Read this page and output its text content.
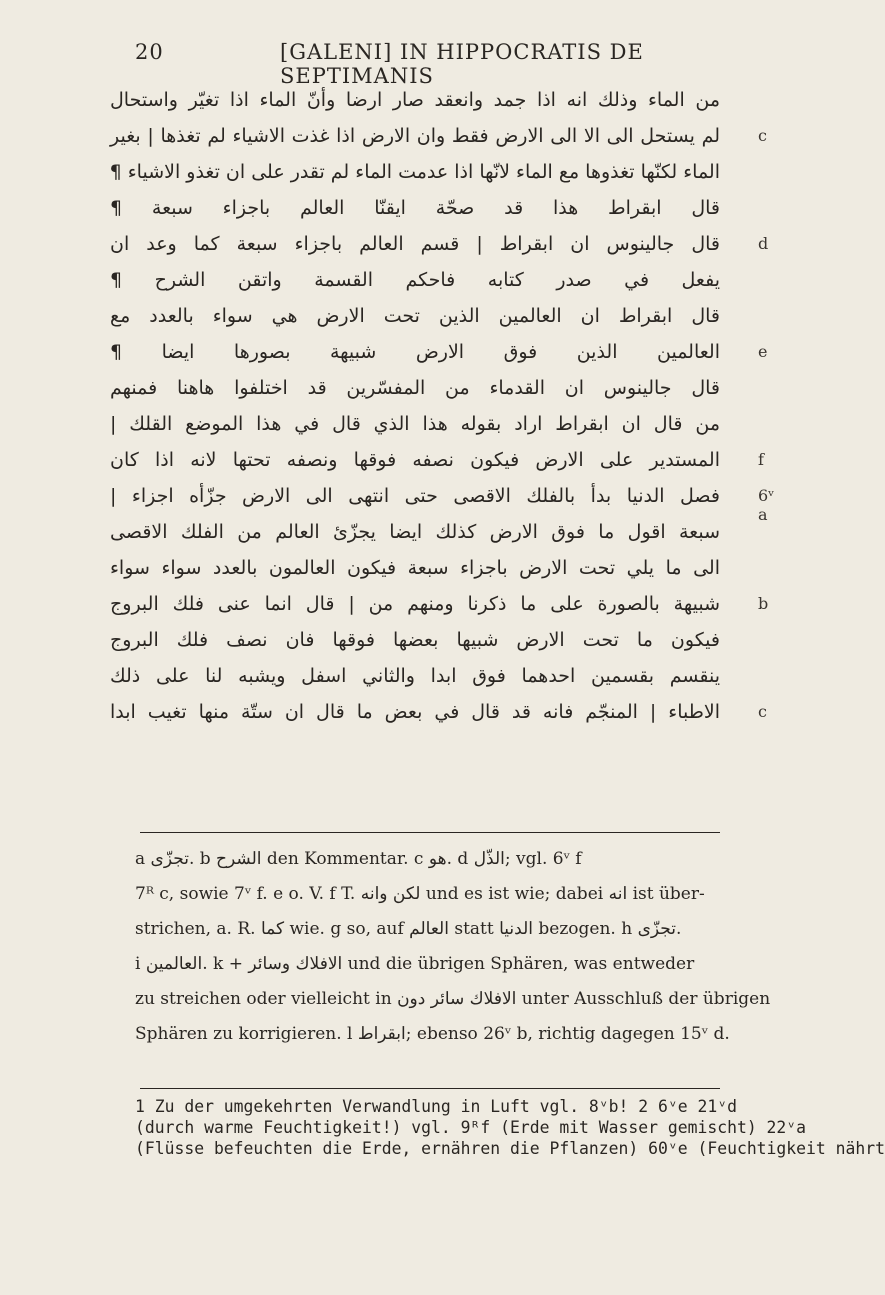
20	[GALENI] IN HIPPOCRATIS DE SEPTIMANIS
من الماء وذلك انه اذا جمد وانعقد صار ارضا وأنّ الماء اذا تغيّر واستحال
لم يستحل الى الا الى الارض فقط وان الارض اذا غذت الاشياء لم تغذها | بغير
الماء لكنّها تغذوها مع الماء لانّها اذا عدمت الماء لم تقدر على ان تغذو الاشياء ¶
قال ابقراط هذا قد صحّة ايقنّا العالم باجزاء سبعة ¶
قال جالينوس ان ابقراط | قسم العالم باجزاء سبعة كما وعد ان
يفعل في صدر كتابه فاحكم القسمة واتقن الشرح ¶
قال ابقراط ان العالمين الذين تحت الارض هي سواء بالعدد مع
العالمين الذين فوق الارض شبيهة بصورها ايضا ¶
قال جالينوس ان القدماء من المفسّرين قد اختلفوا هاهنا فمنهم
من قال ان ابقراط اراد بقوله هذا الذي قال في هذا الموضع القلك |
المستدير على الارض فيكون نصفه فوقها ونصفه تحتها لانه اذا كان
فصل الدنيا بدأ بالفلك الاقصى حتى انتهى الى الارض جزّأه اجزاء |
سبعة اقول ما فوق الارض كذلك ايضا يجزّئ العالم من الفلك الاقصى
الى ما يلي تحت الارض باجزاء سبعة فيكون العالمون بالعدد سواء سواء
شبيهة بالصورة على ما ذكرنا ومنهم من | قال انما عنى فلك البروج
فيكون ما تحت الارض شبيها بعضها فوقها فان نصف فلك البروج
ينقسم بقسمين احدهما فوق ابدا والثاني اسفل ويشبه لنا على ذلك
الاطباء | المنجّم فانه قد قال في بعض ما قال ان ستّة منها تغيب ابدا
c
d
e
f
6ᵛ a
b
c

a تجزّى. b الشرح den Kommentar. c هو. d الذّل; vgl. 6ᵛ f

7ᴿ c, sowie 7ᵛ f. e o. V. f T. لكن وانه und es ist wie; dabei انه ist über-

strichen, a. R. كما wie. g so, auf العالم statt الدنيا bezogen. h تجزّى.

i العالمين. k + الافلاك وسائر und die übrigen Sphären, was entweder

zu streichen oder vielleicht in الافلاك سائر دون unter Ausschluß der übrigen

Sphären zu korrigieren. l ابقراط; ebenso 26ᵛ b, richtig dagegen 15ᵛ d.

1 Zu der umgekehrten Verwandlung in Luft vgl. 8ᵛb! 2 6ᵛe 21ᵛd

(durch warme Feuchtigkeit!) vgl. 9ᴿf (Erde mit Wasser gemischt) 22ᵛa

(Flüsse befeuchten die Erde, ernähren die Pflanzen) 60ᵛe (Feuchtigkeit nährt
